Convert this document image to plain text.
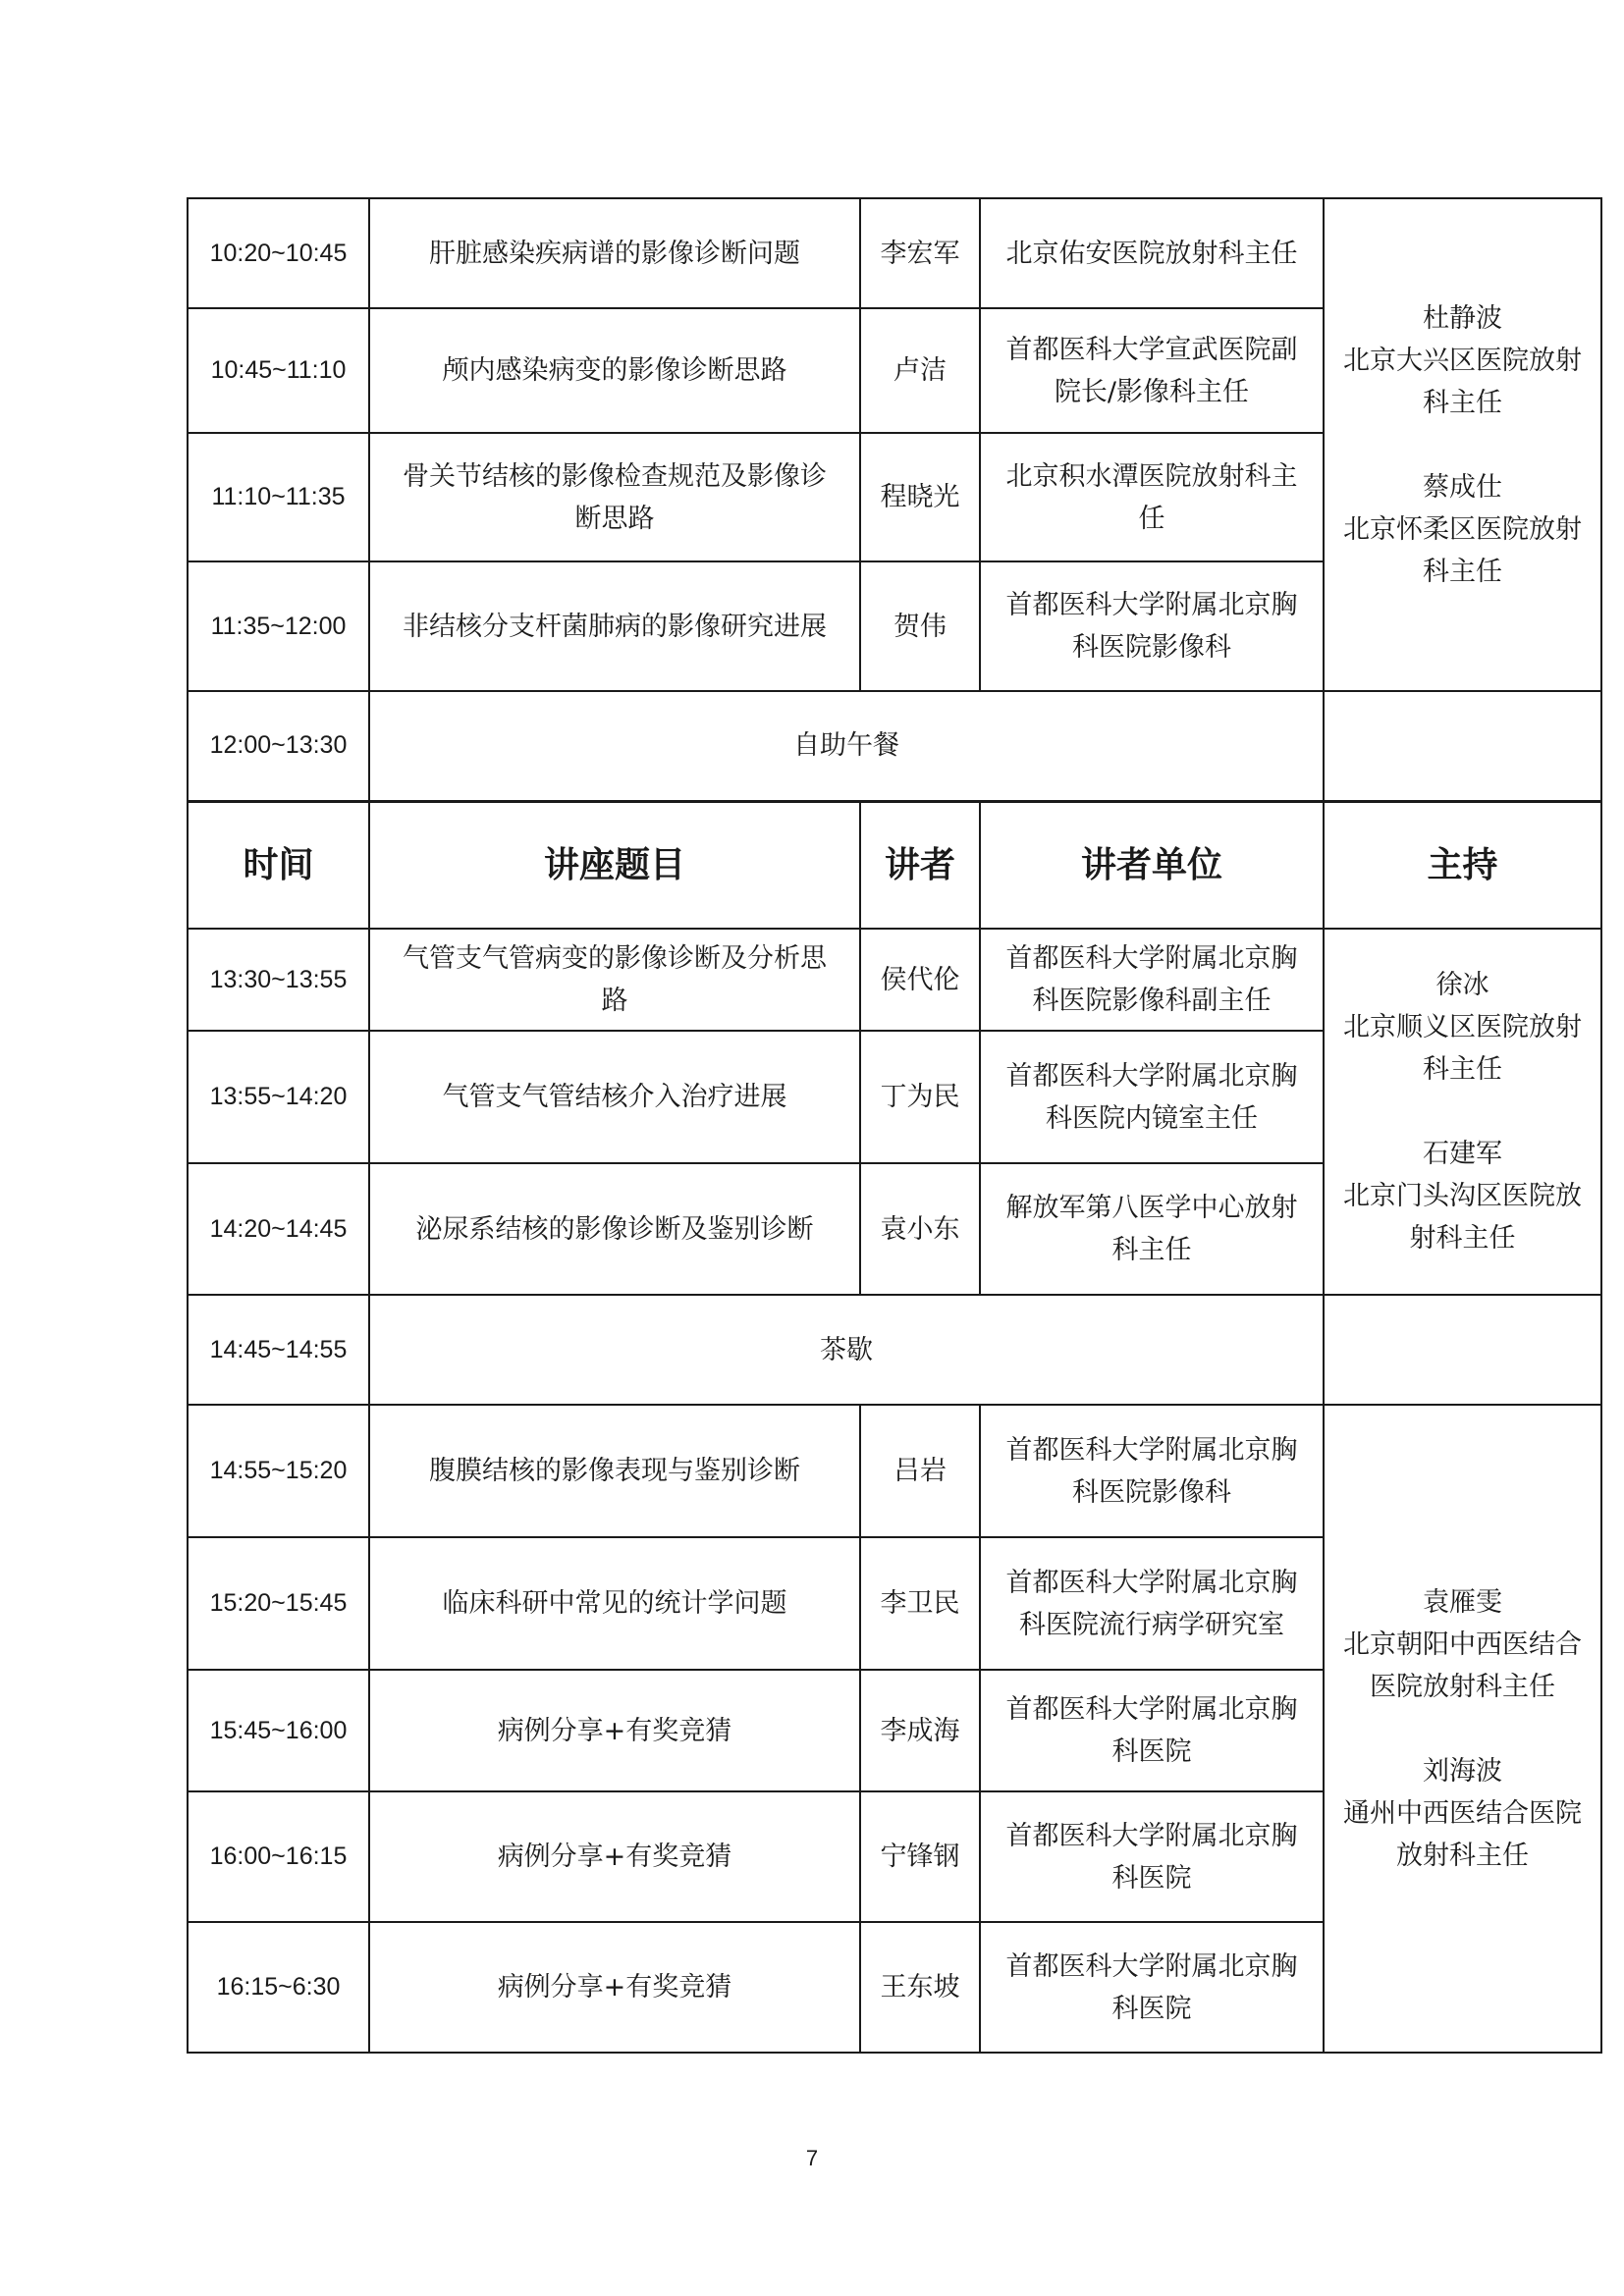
10:20~10:45	肝脏感染疾病谱的影像诊断问题	李宏军	北京佑安医院放射科主任	杜静波
北京大兴区医院放射科主任
蔡成仕
北京怀柔区医院放射科主任
10:45~11:10	颅内感染病变的影像诊断思路	卢洁	首都医科大学宣武医院副院长/影像科主任	
11:10~11:35	骨关节结核的影像检查规范及影像诊断思路	程晓光	北京积水潭医院放射科主任	
11:35~12:00	非结核分支杆菌肺病的影像研究进展	贺伟	首都医科大学附属北京胸科医院影像科	
12:00~13:30	自助午餐			
时间	讲座题目	讲者	讲者单位	主持
13:30~13:55	气管支气管病变的影像诊断及分析思路	侯代伦	首都医科大学附属北京胸科医院影像科副主任	徐冰
北京顺义区医院放射科主任
石建军
北京门头沟区医院放射科主任
13:55~14:20	气管支气管结核介入治疗进展	丁为民	首都医科大学附属北京胸科医院内镜室主任	
14:20~14:45	泌尿系结核的影像诊断及鉴别诊断	袁小东	解放军第八医学中心放射科主任	
14:45~14:55	茶歇			
14:55~15:20	腹膜结核的影像表现与鉴别诊断	吕岩	首都医科大学附属北京胸科医院影像科	袁雁雯
北京朝阳中西医结合医院放射科主任
刘海波
通州中西医结合医院放射科主任
15:20~15:45	临床科研中常见的统计学问题	李卫民	首都医科大学附属北京胸科医院流行病学研究室	
15:45~16:00	病例分享+有奖竞猜	李成海	首都医科大学附属北京胸科医院	
16:00~16:15	病例分享+有奖竞猜	宁锋钢	首都医科大学附属北京胸科医院	
16:15~6:30	病例分享+有奖竞猜	王东坡	首都医科大学附属北京胸科医院	
7
